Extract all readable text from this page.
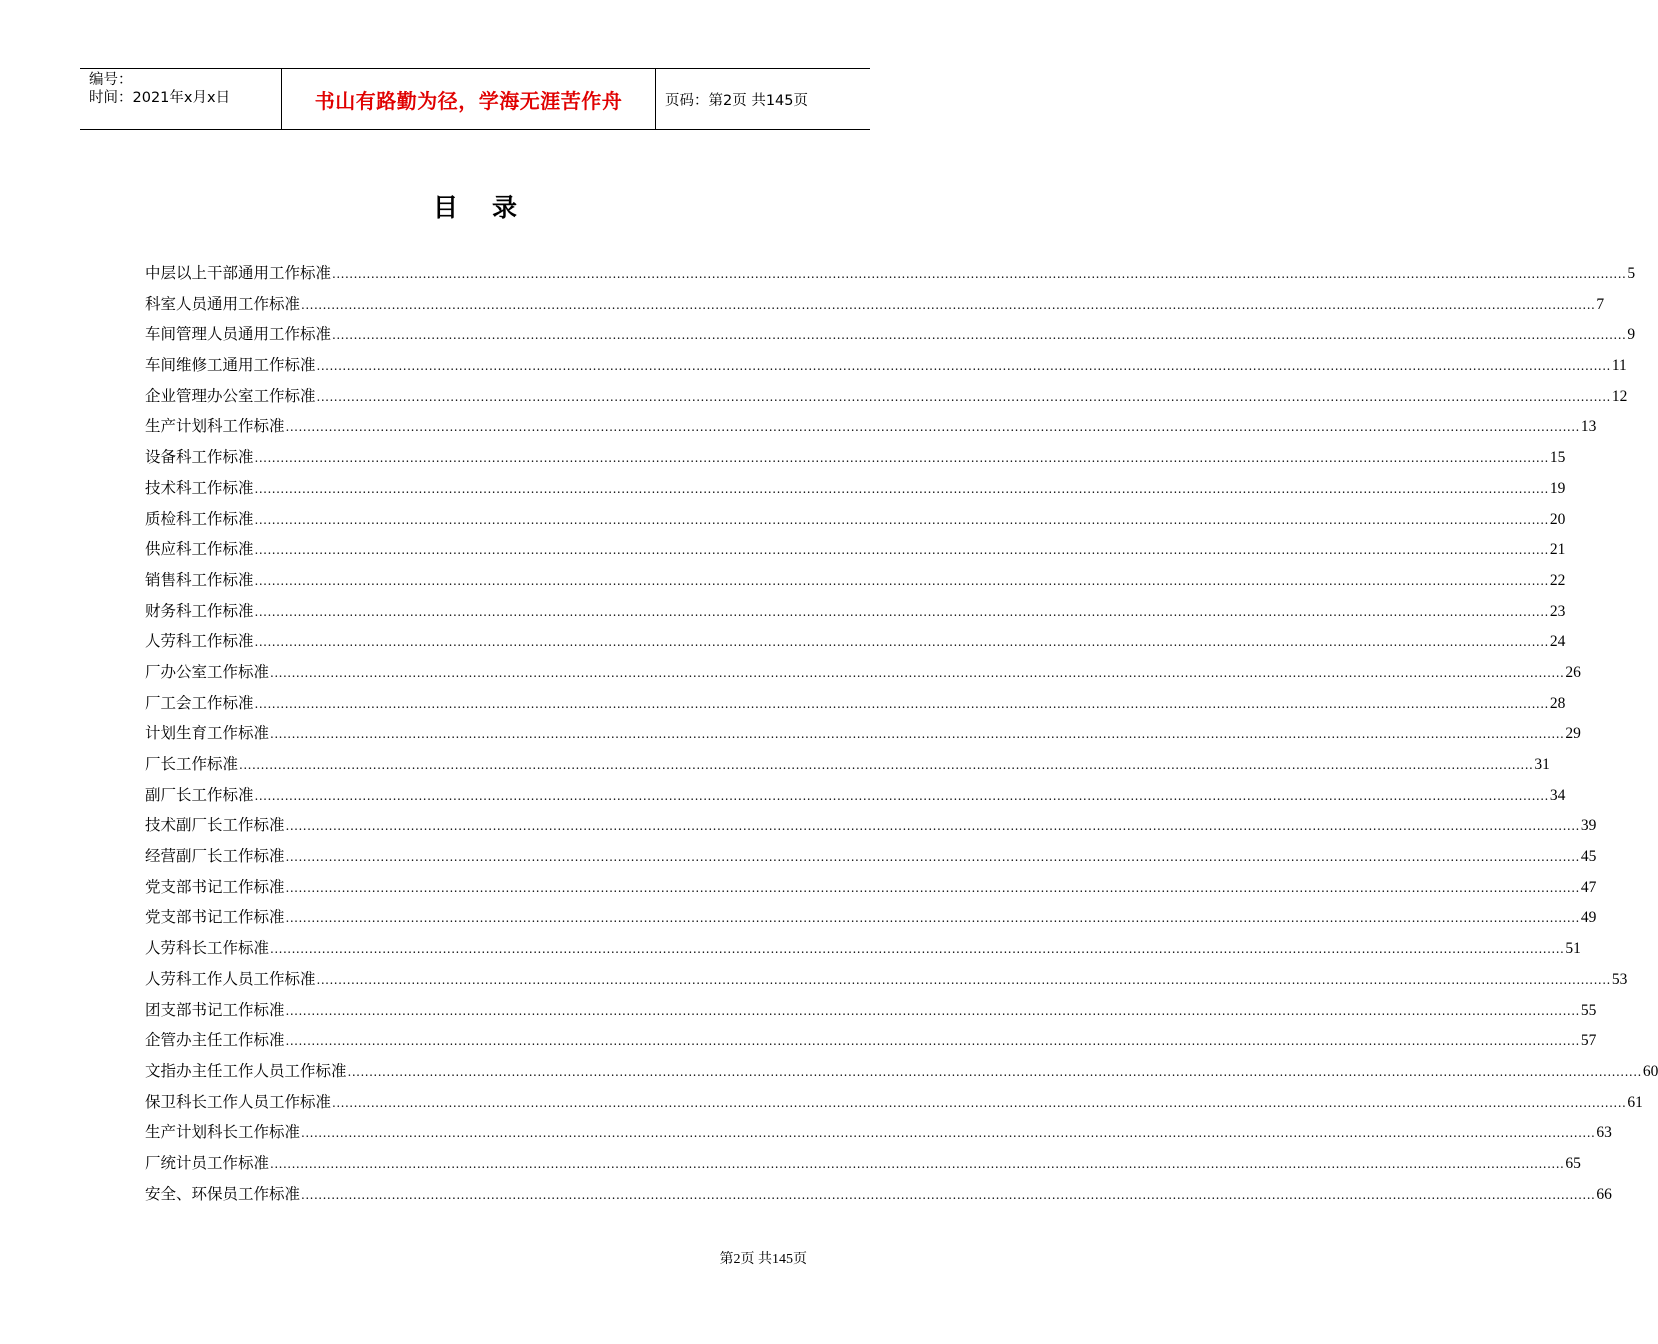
编号：
时间：2021年x月x日	书山有路勤为径，学海无涯苦作舟	页码：第2页 共145页
目录
中层以上干部通用工作标准 ............................................................................................................................................................................................................................................................................................................ 5
科室人员通用工作标准 ............................................................................................................................................................................................................................................................................................................ 7
车间管理人员通用工作标准 ............................................................................................................................................................................................................................................................................................................ 9
车间维修工通用工作标准 ............................................................................................................................................................................................................................................................................................................ 11
企业管理办公室工作标准 ............................................................................................................................................................................................................................................................................................................ 12
生产计划科工作标准 ............................................................................................................................................................................................................................................................................................................ 13
设备科工作标准 ............................................................................................................................................................................................................................................................................................................ 15
技术科工作标准 ............................................................................................................................................................................................................................................................................................................ 19
质检科工作标准 ............................................................................................................................................................................................................................................................................................................ 20
供应科工作标准 ............................................................................................................................................................................................................................................................................................................ 21
销售科工作标准 ............................................................................................................................................................................................................................................................................................................ 22
财务科工作标准 ............................................................................................................................................................................................................................................................................................................ 23
人劳科工作标准 ............................................................................................................................................................................................................................................................................................................ 24
厂办公室工作标准 ............................................................................................................................................................................................................................................................................................................ 26
厂工会工作标准 ............................................................................................................................................................................................................................................................................................................ 28
计划生育工作标准 ............................................................................................................................................................................................................................................................................................................ 29
厂长工作标准 ............................................................................................................................................................................................................................................................................................................ 31
副厂长工作标准 ............................................................................................................................................................................................................................................................................................................ 34
技术副厂长工作标准 ............................................................................................................................................................................................................................................................................................................ 39
经营副厂长工作标准 ............................................................................................................................................................................................................................................................................................................ 45
党支部书记工作标准 ............................................................................................................................................................................................................................................................................................................ 47
党支部书记工作标准 ............................................................................................................................................................................................................................................................................................................ 49
人劳科长工作标准 ............................................................................................................................................................................................................................................................................................................ 51
人劳科工作人员工作标准 ............................................................................................................................................................................................................................................................................................................ 53
团支部书记工作标准 ............................................................................................................................................................................................................................................................................................................ 55
企管办主任工作标准 ............................................................................................................................................................................................................................................................................................................ 57
文指办主任工作人员工作标准 ............................................................................................................................................................................................................................................................................................................ 60
保卫科长工作人员工作标准 ............................................................................................................................................................................................................................................................................................................ 61
生产计划科长工作标准 ............................................................................................................................................................................................................................................................................................................ 63
厂统计员工作标准 ............................................................................................................................................................................................................................................................................................................ 65
安全、环保员工作标准 ............................................................................................................................................................................................................................................................................................................ 66
第2页 共145页
